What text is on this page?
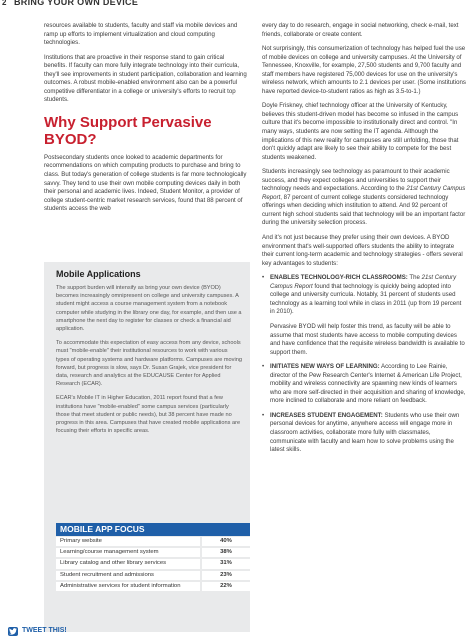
2 BRING YOUR OWN DEVICE

resources available to students, faculty and staff via mobile devices and ramp up efforts to implement virtualization and cloud computing technologies.

Institutions that are proactive in their response stand to gain critical benefits. If faculty can more fully integrate technology into their curricula, they'll see improvements in student participation, collaboration and learning outcomes. A robust mobile-enabled environment also can be a powerful competitive differentiator in a college or university's efforts to recruit top students.

Why Support Pervasive BYOD?

Postsecondary students once looked to academic departments for recommendations on which computing products to purchase and bring to class. But today's generation of college students is far more technologically savvy. They tend to use their own mobile computing devices daily in both their personal and academic lives. Indeed, Student Monitor, a provider of college student-centric market research services, found that 88 percent of students access the web

Mobile Applications

The support burden will intensify as bring your own device (BYOD) becomes increasingly omnipresent on college and university campuses. A student might access a course management system from a notebook computer while studying in the library one day, for example, and then use a smartphone the next day to register for classes or check a financial aid application.

To accommodate this expectation of easy access from any device, schools must "mobile-enable" their institutional resources to work with various types of operating systems and hardware platforms. Campuses are moving forward, but progress is slow, says Dr. Susan Grajek, vice president for data, research and analytics at the EDUCAUSE Center for Applied Research (ECAR).

ECAR's Mobile IT in Higher Education, 2011 report found that a few institutions have "mobile-enabled" some campus services (particularly those that meet student or public needs), but 38 percent have made no progress in this area. Campuses that have created mobile applications are focusing their efforts in specific areas.

MOBILE APP FOCUS
Primary website	40%
Learning/course management system	38%
Library catalog and other library services	31%
Student recruitment and admissions	23%
Administrative services for student information	22%

every day to do research, engage in social networking, check e-mail, text friends, collaborate or create content.

Not surprisingly, this consumerization of technology has helped fuel the use of mobile devices on college and university campuses. At the University of Tennessee, Knoxville, for example, 27,500 students and 9,700 faculty and staff members have registered 75,000 devices for use on the university's wireless network, which amounts to 2.1 devices per user. (Some institutions have reported device-to-student ratios as high as 3.5-to-1.)

Doyle Friskney, chief technology officer at the University of Kentucky, believes this student-driven model has become so infused in the campus culture that it's become impossible to institutionally direct and control. "In many ways, students are now setting the IT agenda. Although the implications of this new reality for campuses are still unfolding, those that don't quickly adapt are likely to see their ability to compete for the best students weakened.

Students increasingly see technology as paramount to their academic success, and they expect colleges and universities to support their technology needs and expectations. According to the 21st Century Campus Report, 87 percent of current college students considered technology offerings when deciding which institution to attend. And 92 percent of current high school students said that technology will be an important factor during the university selection process.

And it's not just because they prefer using their own devices. A BYOD environment that's well-supported offers students the ability to integrate their current long-term academic and technology strategies - offers several key advantages to students:

• ENABLES TECHNOLOGY-RICH CLASSROOMS: The 21st Century Campus Report found that technology is quickly being adopted into college and university curricula. Notably, 31 percent of students used technology as a learning tool while in class in 2011 (up from 19 percent in 2010).

Pervasive BYOD will help foster this trend, as faculty will be able to assume that most students have access to mobile computing devices and have confidence that the requisite wireless bandwidth is available to support them.

• INITIATES NEW WAYS OF LEARNING: According to Lee Rainie, director of the Pew Research Center's Internet & American Life Project, mobility and wireless connectivity are spawning new kinds of learners who are more self-directed in their acquisition and sharing of knowledge, more inclined to collaborate and more reliant on feedback.

• INCREASES STUDENT ENGAGEMENT: Students who use their own personal devices for anytime, anywhere access will engage more in classroom activities, collaborate more fully with classmates, communicate with faculty and learn how to solve problems using the latest skills.

TWEET THIS!
